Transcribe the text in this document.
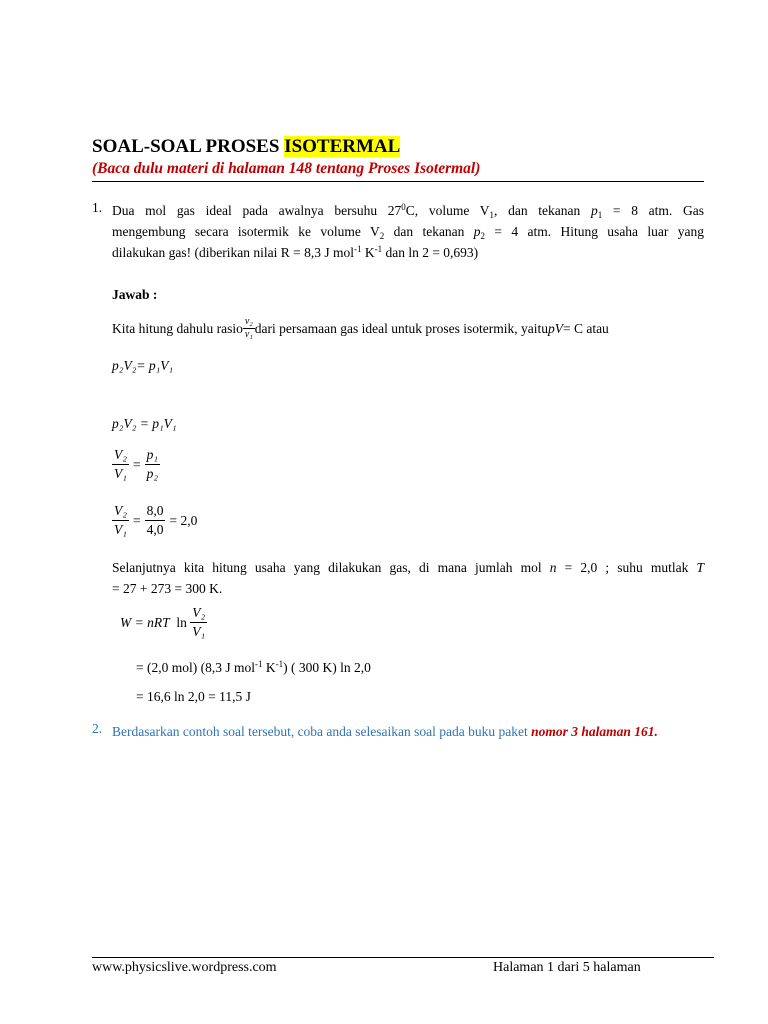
SOAL-SOAL PROSES ISOTERMAL
(Baca dulu materi di halaman 148 tentang Proses Isotermal)
1. Dua mol gas ideal pada awalnya bersuhu $27^0C$, volume $V_1$, dan tekanan $p_1 = 8$ atm. Gas
mengembung secara isotermik ke volume $V_2$ dan tekanan $p_2 = 4$ atm. Hitung usaha luar yang
dilakukan gas! (diberikan nilai R = 8,3 J mol$^{-1}$ $K^{-1}$ dan ln 2 = 0,693)
Jawab :
Kita hitung dahulu rasio $\frac{\text{v₂}}{\text{v₁}}$ dari persamaan gas ideal untuk proses isotermik, yaitu pV = C atau
p₂V₂= p₁V₁
p₂V₂ = p₁V₁
$\frac{\text{V₂}}{\text{V₁}} = \frac{\text{p₁}}{\text{p₂}}$
$\frac{\text{V₂}}{\text{V₁}} = \frac{8,0}{4,0} = 2,0$
Selanjutnya kita hitung usaha yang dilakukan gas, di mana jumlah mol n = 2,0 ; suhu mutlak T
= 27 + 273 = 300 K.
W = nRT $\ln \frac{\text{V₂}}{\text{V₁}}$
= (2,0 mol) (8,3 J mol$^{-1}$ $K^{-1}$) ( 300 K) ln 2,0
= 16,6 ln 2,0 = 11,5 J
2. Berdasarkan contoh soal tersebut, coba anda selesaikan soal pada buku paket nomor 3 halaman 161.
www.physicslive.wordpress.com	Halaman 1 dari 5 halaman
